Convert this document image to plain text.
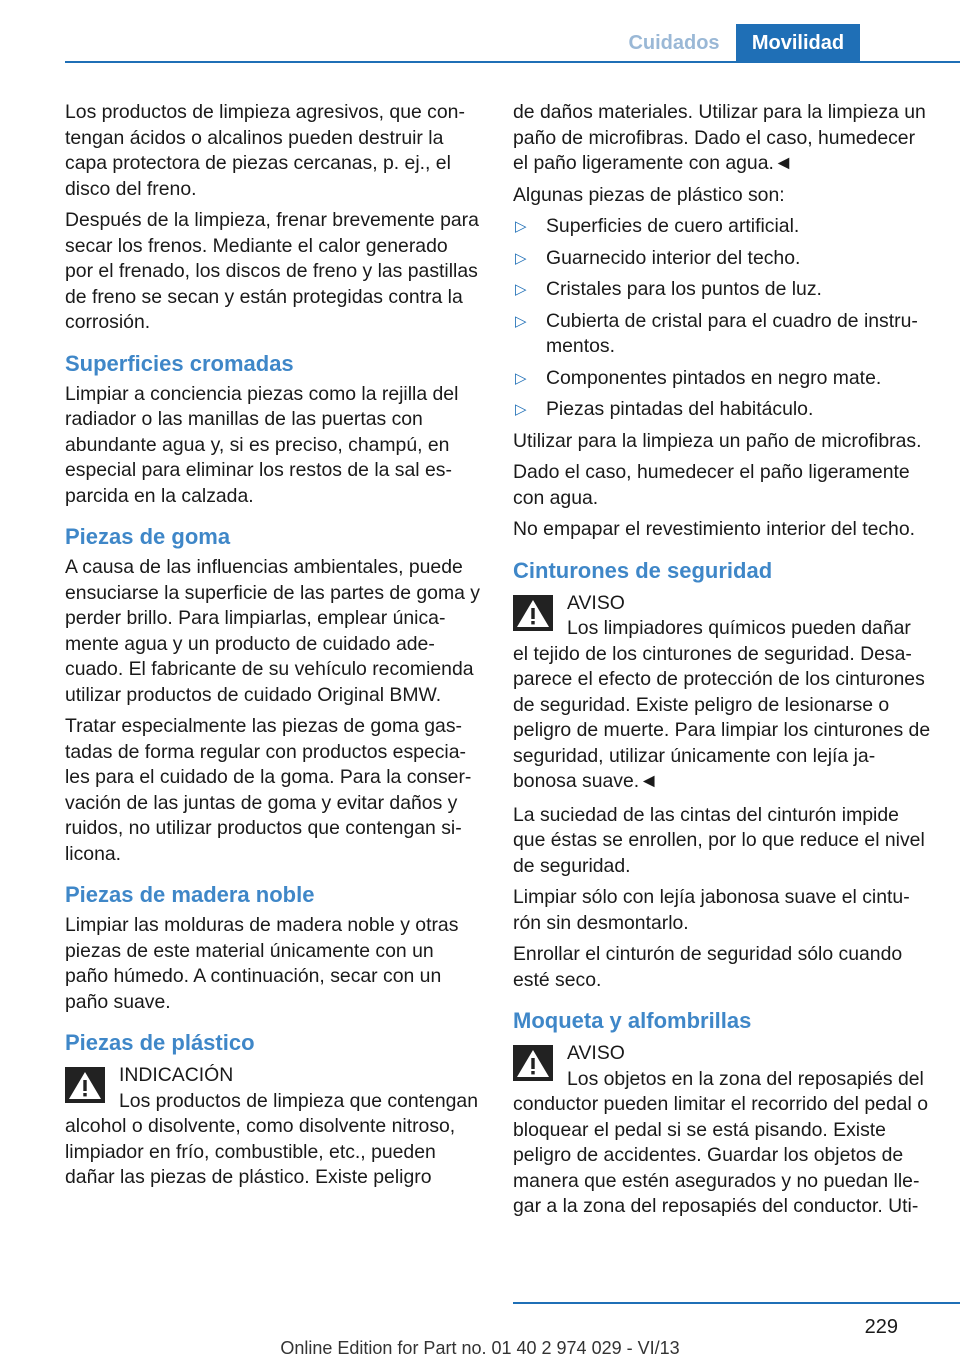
Cuidados	Movilidad

Los productos de limpieza agresivos, que contengan ácidos o alcalinos pueden destruir la capa protectora de piezas cercanas, p. ej., el disco del freno.

Después de la limpieza, frenar brevemente para secar los frenos. Mediante el calor generado por el frenado, los discos de freno y las pastillas de freno se secan y están protegidas contra la corrosión.

Superficies cromadas

Limpiar a conciencia piezas como la rejilla del radiador o las manillas de las puertas con abundante agua y, si es preciso, champú, en especial para eliminar los restos de la sal esparcida en la calzada.

Piezas de goma

A causa de las influencias ambientales, puede ensuciarse la superficie de las partes de goma y perder brillo. Para limpiarlas, emplear únicamente agua y un producto de cuidado adecuado. El fabricante de su vehículo recomienda utilizar productos de cuidado Original BMW.

Tratar especialmente las piezas de goma gastadas de forma regular con productos especiales para el cuidado de la goma. Para la conservación de las juntas de goma y evitar daños y ruidos, no utilizar productos que contengan silicona.

Piezas de madera noble

Limpiar las molduras de madera noble y otras piezas de este material únicamente con un paño húmedo. A continuación, secar con un paño suave.

Piezas de plástico
INDICACIÓN
Los productos de limpieza que contengan alcohol o disolvente, como disolvente nitroso, limpiador en frío, combustible, etc., pueden dañar las piezas de plástico. Existe peligro

de daños materiales. Utilizar para la limpieza un paño de microfibras. Dado el caso, humedecer el paño ligeramente con agua.◄

Algunas piezas de plástico son:

▷ Superficies de cuero artificial.
▷ Guarnecido interior del techo.
▷ Cristales para los puntos de luz.
▷ Cubierta de cristal para el cuadro de instrumentos.
▷ Componentes pintados en negro mate.
▷ Piezas pintadas del habitáculo.

Utilizar para la limpieza un paño de microfibras.

Dado el caso, humedecer el paño ligeramente con agua.

No empapar el revestimiento interior del techo.

Cinturones de seguridad
AVISO
Los limpiadores químicos pueden dañar el tejido de los cinturones de seguridad. Desaparece el efecto de protección de los cinturones de seguridad. Existe peligro de lesionarse o peligro de muerte. Para limpiar los cinturones de seguridad, utilizar únicamente con lejía jabonosa suave.◄

La suciedad de las cintas del cinturón impide que éstas se enrollen, por lo que reduce el nivel de seguridad.

Limpiar sólo con lejía jabonosa suave el cinturón sin desmontarlo.

Enrollar el cinturón de seguridad sólo cuando esté seco.

Moqueta y alfombrillas
AVISO
Los objetos en la zona del reposapiés del conductor pueden limitar el recorrido del pedal o bloquear el pedal si se está pisando. Existe peligro de accidentes. Guardar los objetos de manera que estén asegurados y no puedan llegar a la zona del reposapiés del conductor. Uti-
229
Online Edition for Part no. 01 40 2 974 029 - VI/13
